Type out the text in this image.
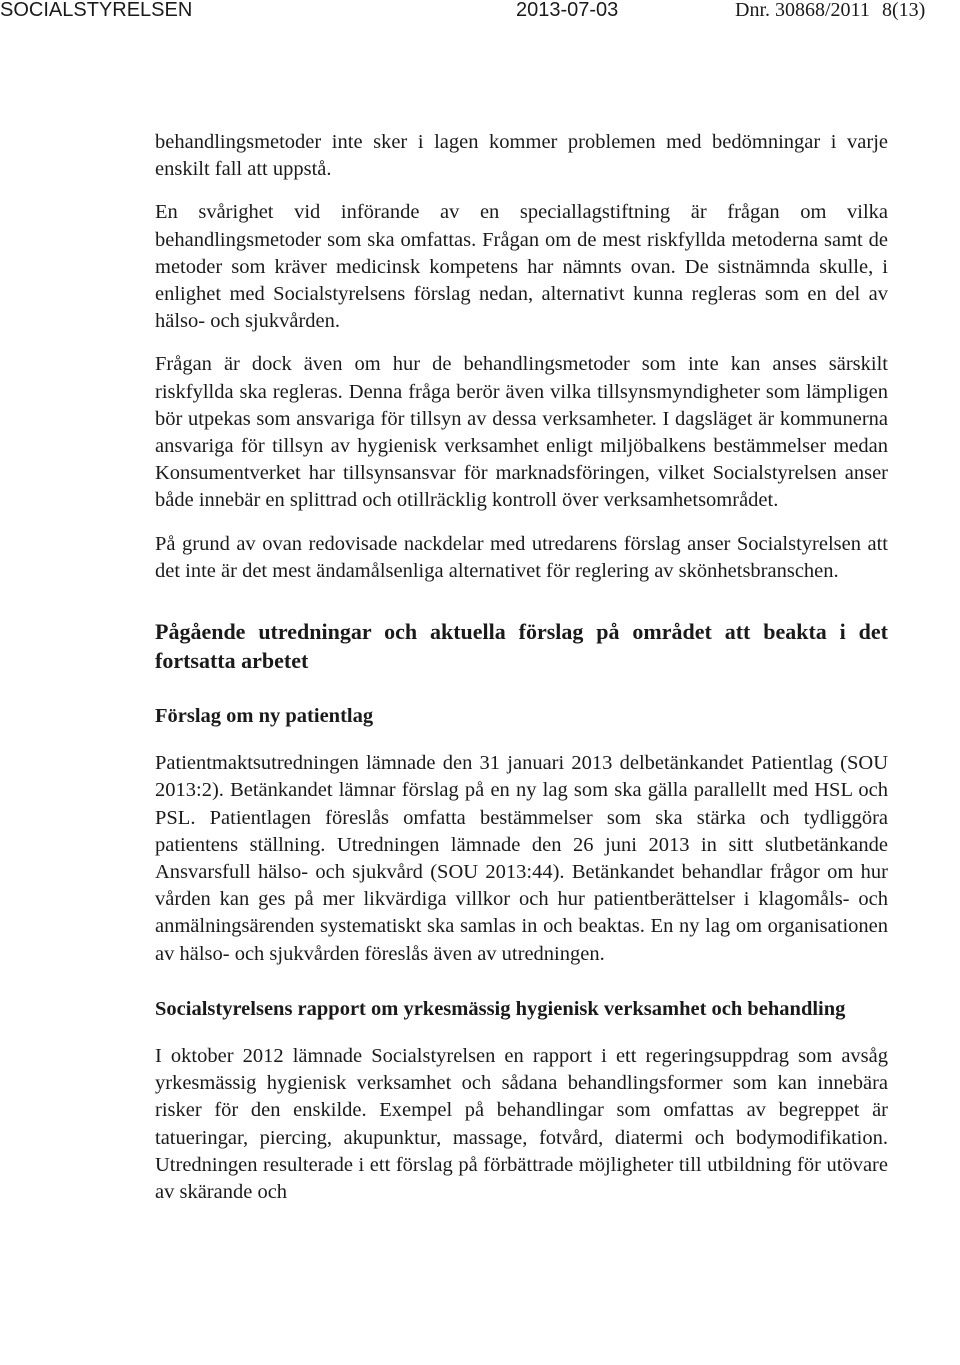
SOCIALSTYRELSEN	2013-07-03	Dnr. 30868/2011 8(13)

behandlingsmetoder inte sker i lagen kommer problemen med bedömningar i varje enskilt fall att uppstå.

En svårighet vid införande av en speciallagstiftning är frågan om vilka behandlingsmetoder som ska omfattas. Frågan om de mest riskfyllda metoderna samt de metoder som kräver medicinsk kompetens har nämnts ovan. De sistnämnda skulle, i enlighet med Socialstyrelsens förslag nedan, alternativt kunna regleras som en del av hälso- och sjukvården.

Frågan är dock även om hur de behandlingsmetoder som inte kan anses särskilt riskfyllda ska regleras. Denna fråga berör även vilka tillsynsmyndigheter som lämpligen bör utpekas som ansvariga för tillsyn av dessa verksamheter. I dagsläget är kommunerna ansvariga för tillsyn av hygienisk verksamhet enligt miljöbalkens bestämmelser medan Konsumentverket har tillsynsansvar för marknadsföringen, vilket Socialstyrelsen anser både innebär en splittrad och otillräcklig kontroll över verksamhetsområdet.

På grund av ovan redovisade nackdelar med utredarens förslag anser Socialstyrelsen att det inte är det mest ändamålsenliga alternativet för reglering av skönhetsbranschen.

Pågående utredningar och aktuella förslag på området att beakta i det fortsatta arbetet
Förslag om ny patientlag

Patientmaktsutredningen lämnade den 31 januari 2013 delbetänkandet Patientlag (SOU 2013:2). Betänkandet lämnar förslag på en ny lag som ska gälla parallellt med HSL och PSL. Patientlagen föreslås omfatta bestämmelser som ska stärka och tydliggöra patientens ställning. Utredningen lämnade den 26 juni 2013 in sitt slutbetänkande Ansvarsfull hälso- och sjukvård (SOU 2013:44). Betänkandet behandlar frågor om hur vården kan ges på mer likvärdiga villkor och hur patientberättelser i klagomåls- och anmälningsärenden systematiskt ska samlas in och beaktas. En ny lag om organisationen av hälso- och sjukvården föreslås även av utredningen.

Socialstyrelsens rapport om yrkesmässig hygienisk verksamhet och behandling

I oktober 2012 lämnade Socialstyrelsen en rapport i ett regeringsuppdrag som avsåg yrkesmässig hygienisk verksamhet och sådana behandlingsformer som kan innebära risker för den enskilde. Exempel på behandlingar som omfattas av begreppet är tatueringar, piercing, akupunktur, massage, fotvård, diatermi och bodymodifikation. Utredningen resulterade i ett förslag på förbättrade möjligheter till utbildning för utövare av skärande och
